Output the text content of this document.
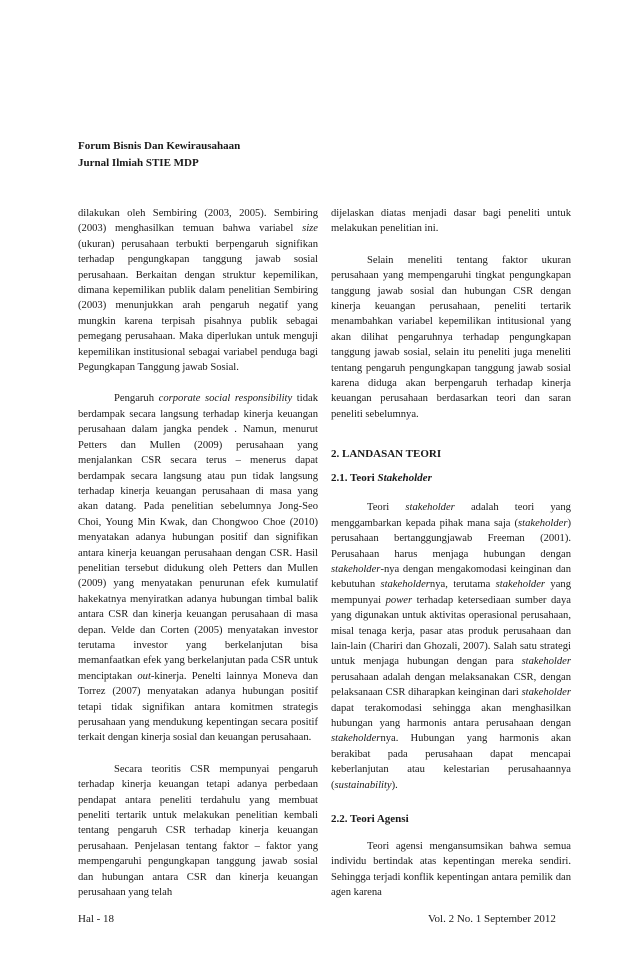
Forum Bisnis Dan Kewirausahaan
Jurnal Ilmiah STIE MDP

dilakukan oleh Sembiring (2003, 2005). Sembiring (2003) menghasilkan temuan bahwa variabel size (ukuran) perusahaan terbukti berpengaruh signifikan terhadap pengungkapan tanggung jawab sosial perusahaan. Berkaitan dengan struktur kepemilikan, dimana kepemilikan publik dalam penelitian Sembiring (2003) menunjukkan arah pengaruh negatif yang mungkin karena terpisah pisahnya publik sebagai pemegang perusahaan. Maka diperlukan untuk menguji kepemilikan institusional sebagai variabel penduga bagi Pegungkapan Tanggung jawab Sosial.

Pengaruh corporate social responsibility tidak berdampak secara langsung terhadap kinerja keuangan perusahaan dalam jangka pendek . Namun, menurut Petters dan Mullen (2009) perusahaan yang menjalankan CSR secara terus – menerus dapat berdampak secara langsung atau pun tidak langsung terhadap kinerja keuangan perusahaan di masa yang akan datang. Pada penelitian sebelumnya Jong-Seo Choi, Young Min Kwak, dan Chongwoo Choe (2010) menyatakan adanya hubungan positif dan signifikan antara kinerja keuangan perusahaan dengan CSR. Hasil penelitian tersebut didukung oleh Petters dan Mullen (2009) yang menyatakan penurunan efek kumulatif hakekatnya menyiratkan adanya hubungan timbal balik antara CSR dan kinerja keuangan perusahaan di masa depan. Velde dan Corten (2005) menyatakan investor terutama investor yang berkelanjutan bisa memanfaatkan efek yang berkelanjutan pada CSR untuk menciptakan out-kinerja. Penelti lainnya Moneva dan Torrez (2007) menyatakan adanya hubungan positif tetapi tidak signifikan antara komitmen strategis perusahaan yang mendukung kepentingan secara positif terkait dengan kinerja sosial dan keuangan perusahaan.

Secara teoritis CSR mempunyai pengaruh terhadap kinerja keuangan tetapi adanya perbedaan pendapat antara peneliti terdahulu yang membuat peneliti tertarik untuk melakukan penelitian kembali tentang pengaruh CSR terhadap kinerja keuangan perusahaan. Penjelasan tentang faktor – faktor yang mempengaruhi pengungkapan tanggung jawab sosial dan hubungan antara CSR dan kinerja keuangan perusahaan yang telah

dijelaskan diatas menjadi dasar bagi peneliti untuk melakukan penelitian ini.

Selain meneliti tentang faktor ukuran perusahaan yang mempengaruhi tingkat pengungkapan tanggung jawab sosial dan hubungan CSR dengan kinerja keuangan perusahaan, peneliti tertarik menambahkan variabel kepemilikan intitusional yang akan dilihat pengaruhnya terhadap pengungkapan tanggung jawab sosial, selain itu peneliti juga meneliti tentang pengaruh pengungkapan tanggung jawab sosial karena diduga akan berpengaruh terhadap kinerja keuangan perusahaan berdasarkan teori dan saran peneliti sebelumnya.

2. LANDASAN TEORI

2.1. Teori Stakeholder

Teori stakeholder adalah teori yang menggambarkan kepada pihak mana saja (stakeholder) perusahaan bertanggungjawab Freeman (2001). Perusahaan harus menjaga hubungan dengan stakeholder-nya dengan mengakomodasi keinginan dan kebutuhan stakeholdernya, terutama stakeholder yang mempunyai power terhadap ketersediaan sumber daya yang digunakan untuk aktivitas operasional perusahaan, misal tenaga kerja, pasar atas produk perusahaan dan lain-lain (Chariri dan Ghozali, 2007). Salah satu strategi untuk menjaga hubungan dengan para stakeholder perusahaan adalah dengan melaksanakan CSR, dengan pelaksanaan CSR diharapkan keinginan dari stakeholder dapat terakomodasi sehingga akan menghasilkan hubungan yang harmonis antara perusahaan dengan stakeholdernya. Hubungan yang harmonis akan berakibat pada perusahaan dapat mencapai keberlanjutan atau kelestarian perusahaannya (sustainability).

2.2. Teori Agensi

Teori agensi mengansumsikan bahwa semua individu bertindak atas kepentingan mereka sendiri. Sehingga terjadi konflik kepentingan antara pemilik dan agen karena

Hal - 18	Vol. 2 No. 1 September 2012
